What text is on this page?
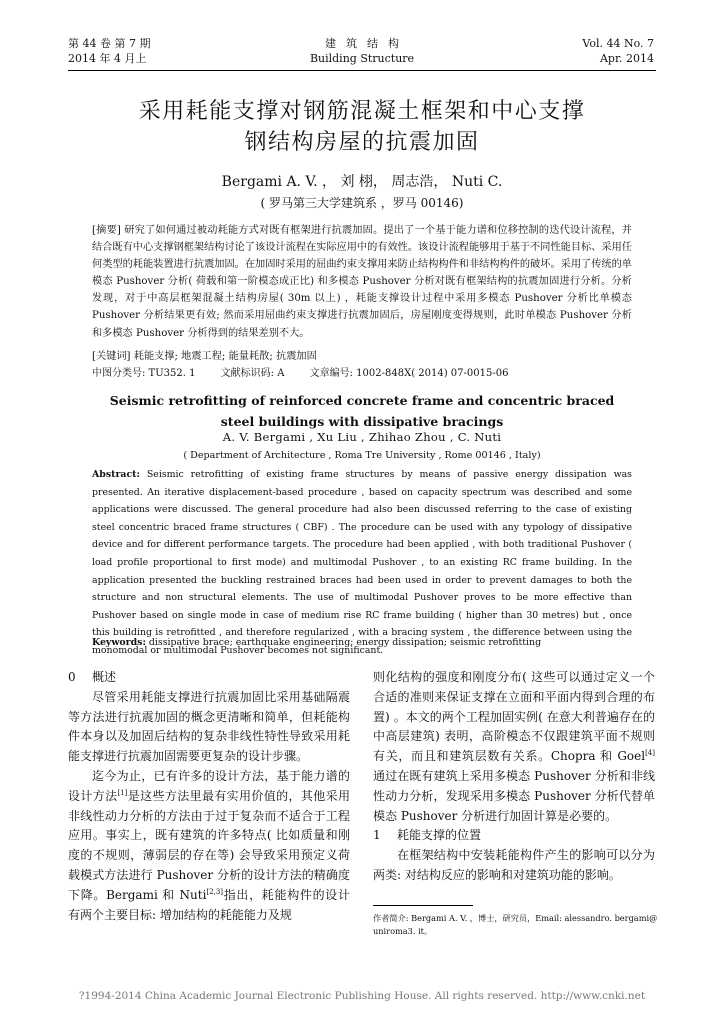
第 44 卷 第 7 期
2014 年 4 月上
建筑结构
Building Structure
Vol. 44 No. 7
Apr. 2014
采用耗能支撑对钢筋混凝土框架和中心支撑
钢结构房屋的抗震加固
Bergami A. V. ， 刘 栩， 周志浩， Nuti C.
( 罗马第三大学建筑系 ，罗马 00146)
[摘要] 研究了如何通过被动耗能方式对既有框架进行抗震加固。提出了一个基于能力谱和位移控制的迭代设计流程，并结合既有中心支撑钢框架结构讨论了该设计流程在实际应用中的有效性。该设计流程能够用于基于不同性能目标、采用任何类型的耗能装置进行抗震加固。在加固时采用的屈曲约束支撑用来防止结构构件和非结构构件的破坏。采用了传统的单模态 Pushover 分析( 荷载和第一阶模态成正比) 和多模态 Pushover 分析对既有框架结构的抗震加固进行分析。分析发现，对于中高层框架混凝土结构房屋( 30m 以上) ，耗能支撑设计过程中采用多模态 Pushover 分析比单模态 Pushover 分析结果更有效; 然而采用屈曲约束支撑进行抗震加固后，房屋刚度变得规则，此时单模态 Pushover 分析和多模态 Pushover 分析得到的结果差别不大。
[关键词] 耗能支撑; 地震工程; 能量耗散; 抗震加固
中图分类号: TU352. 1	文献标识码: A	文章编号: 1002-848X( 2014) 07-0015-06
Seismic retrofitting of reinforced concrete frame and concentric braced
steel buildings with dissipative bracings
A. V. Bergami , Xu Liu , Zhihao Zhou , C. Nuti
( Department of Architecture , Roma Tre University , Rome 00146 , Italy)
Abstract: Seismic retrofitting of existing frame structures by means of passive energy dissipation was presented. An iterative displacement-based procedure , based on capacity spectrum was described and some applications were discussed. The general procedure had also been discussed referring to the case of existing steel concentric braced frame structures ( CBF) . The procedure can be used with any typology of dissipative device and for different performance targets. The procedure had been applied , with both traditional Pushover ( load profile proportional to first mode) and multimodal Pushover , to an existing RC frame building. In the application presented the buckling restrained braces had been used in order to prevent damages to both the structure and non structural elements. The use of multimodal Pushover proves to be more effective than Pushover based on single mode in case of medium rise RC frame building ( higher than 30 metres) but , once this building is retrofitted , and therefore regularized , with a bracing system , the difference between using the monomodal or multimodal Pushover becomes not significant.
Keywords: dissipative brace; earthquake engineering; energy dissipation; seismic retrofitting

0 概述

尽管采用耗能支撑进行抗震加固比采用基础隔震等方法进行抗震加固的概念更清晰和简单，但耗能构件本身以及加固后结构的复杂非线性特性导致采用耗能支撑进行抗震加固需要更复杂的设计步骤。

迄今为止，已有许多的设计方法，基于能力谱的设计方法[1]是这些方法里最有实用价值的，其他采用非线性动力分析的方法由于过于复杂而不适合于工程应用。事实上，既有建筑的许多特点( 比如质量和刚度的不规则，薄弱层的存在等) 会导致采用预定义荷载模式方法进行 Pushover 分析的设计方法的精确度下降。Bergami 和 Nuti[2,3]指出，耗能构件的设计有两个主要目标: 增加结构的耗能能力及规

则化结构的强度和刚度分布( 这些可以通过定义一个合适的准则来保证支撑在立面和平面内得到合理的布置) 。本文的两个工程加固实例( 在意大利普遍存在的中高层建筑) 表明，高阶模态不仅跟建筑平面不规则有关，而且和建筑层数有关系。Chopra 和 Goel[4]通过在既有建筑上采用多模态 Pushover 分析和非线性动力分析，发现采用多模态 Pushover 分析代替单模态 Pushover 分析进行加固计算是必要的。

1 耗能支撑的位置

在框架结构中安装耗能构件产生的影响可以分为两类: 对结构反应的影响和对建筑功能的影响。

作者简介: Bergami A. V. ，博士，研究员，Email: alessandro. bergami@ uniroma3. it。
?1994-2014 China Academic Journal Electronic Publishing House. All rights reserved. http://www.cnki.net
